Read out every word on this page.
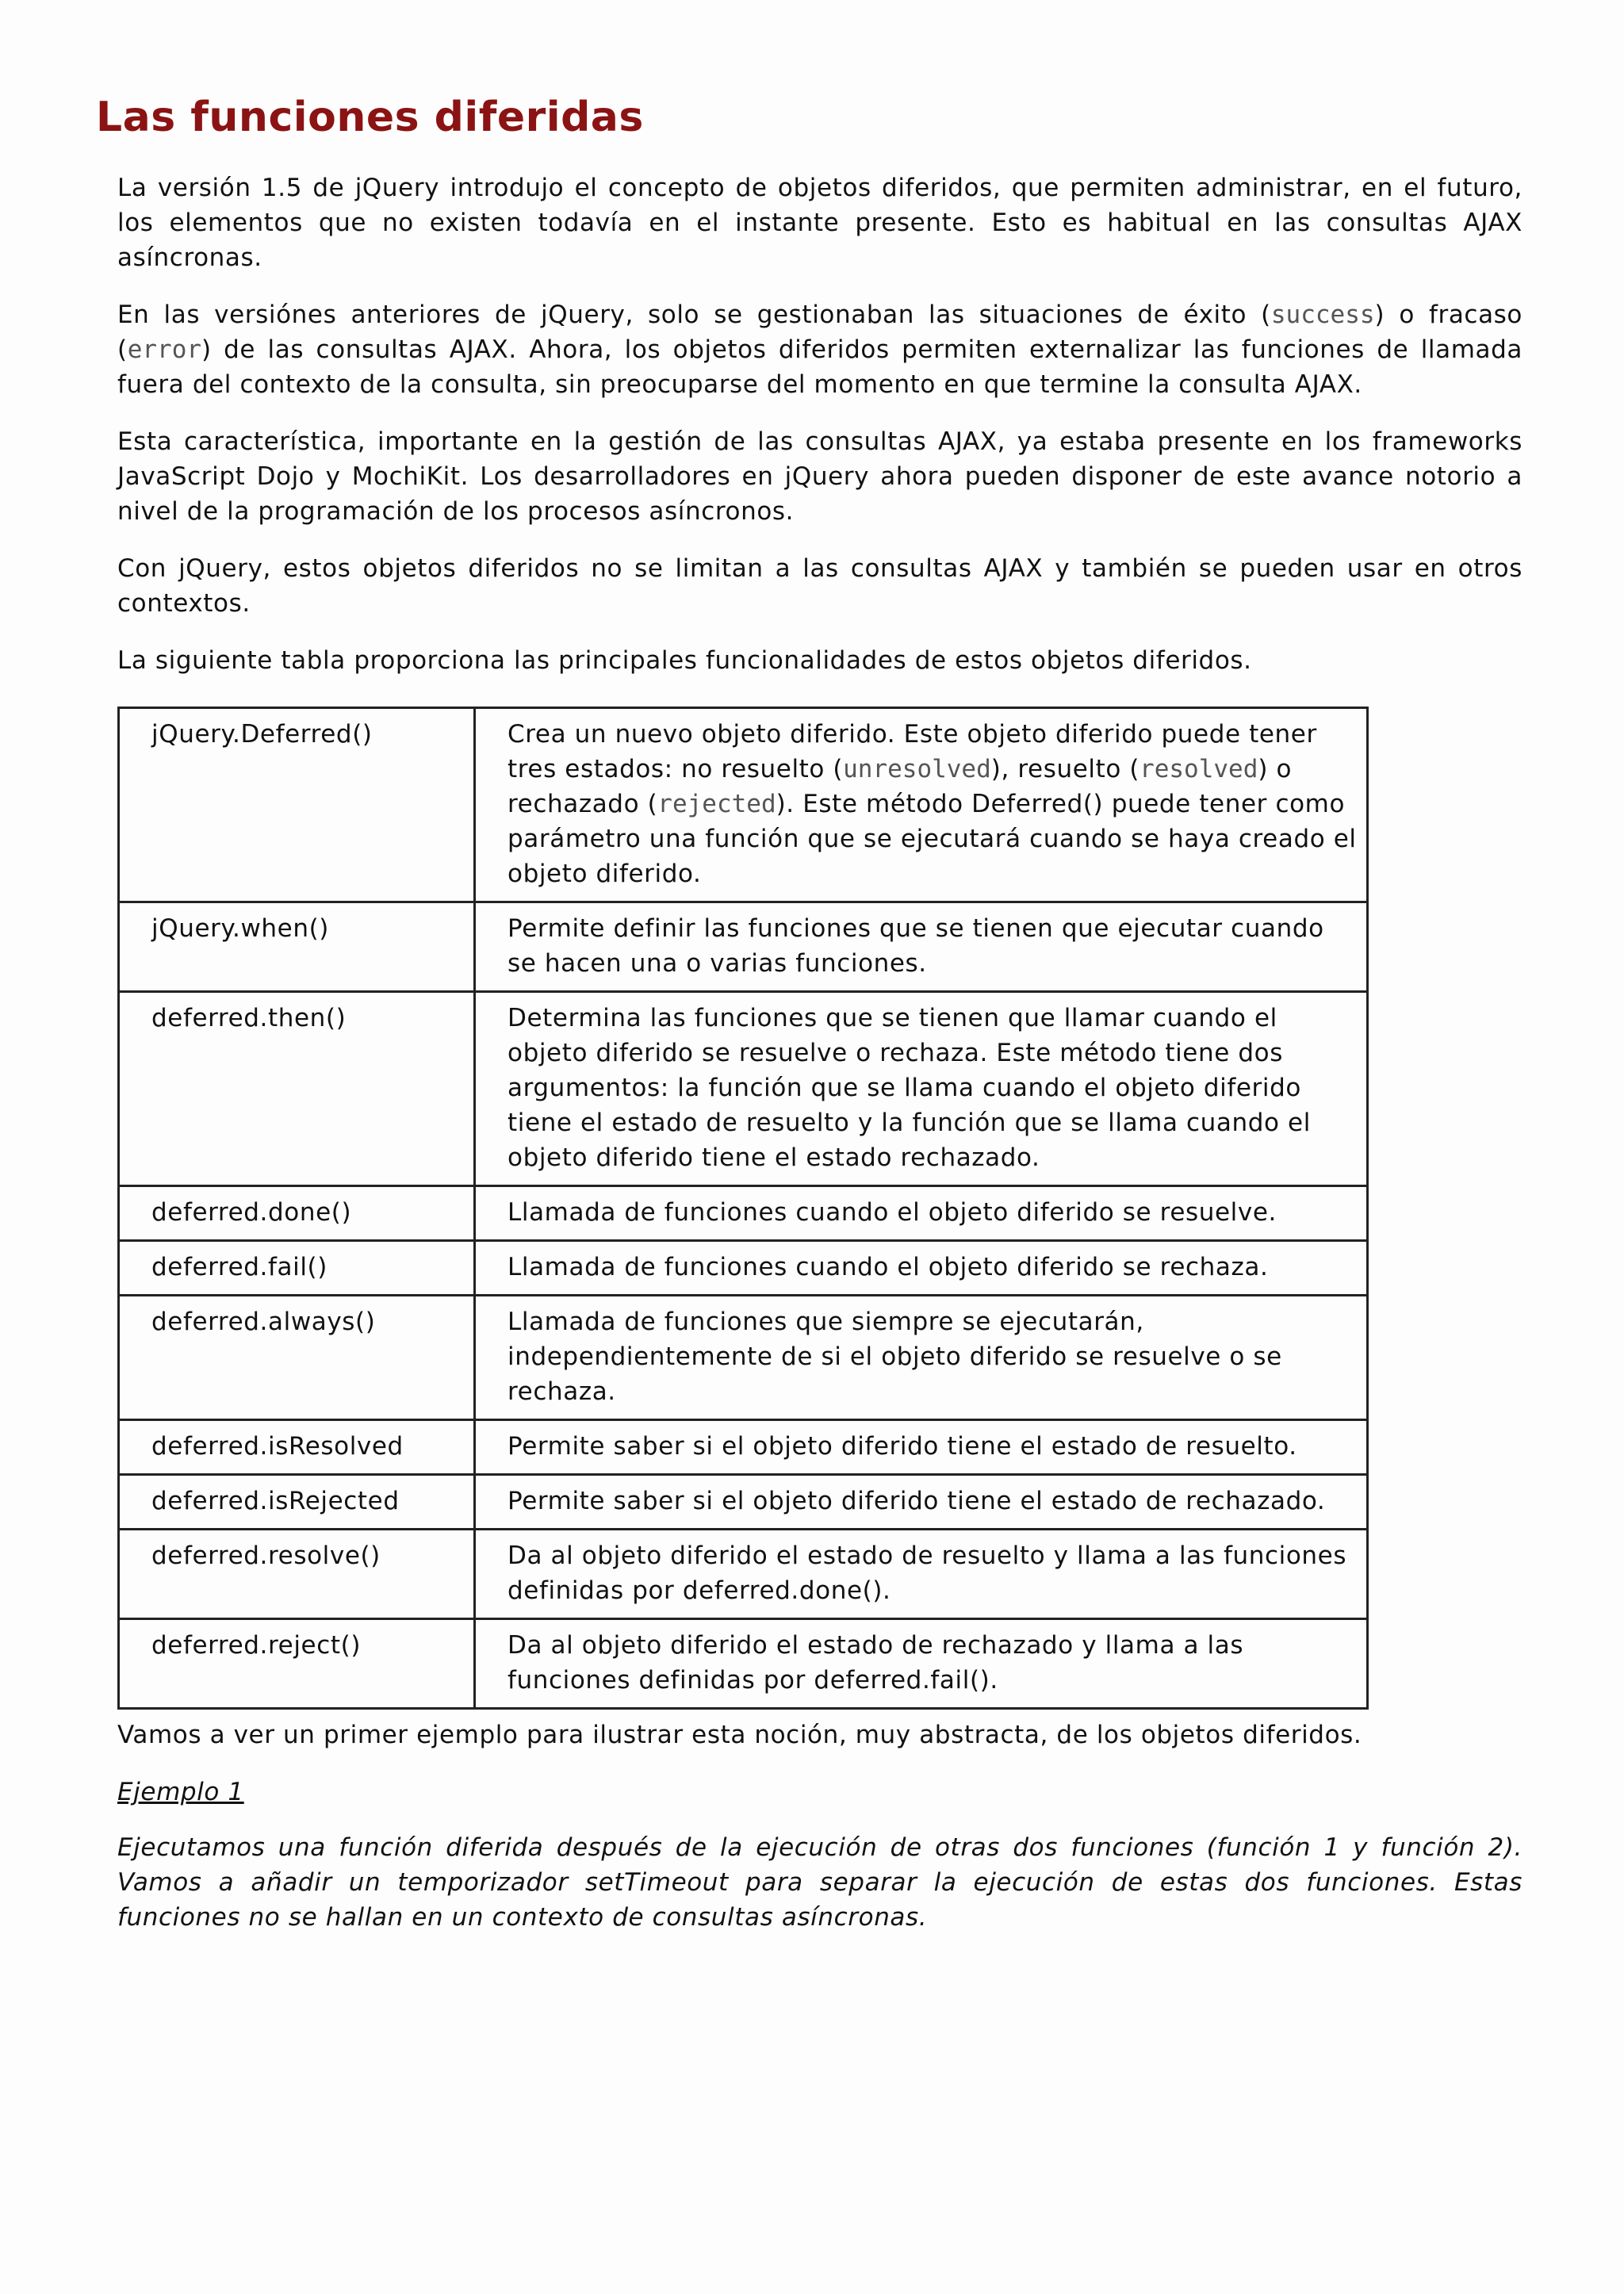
Las funciones diferidas

La versión 1.5 de jQuery introdujo el concepto de objetos diferidos, que permiten administrar, en el futuro, los elementos que no existen todavía en el instante presente. Esto es habitual en las consultas AJAX asíncronas.

En las versiónes anteriores de jQuery, solo se gestionaban las situaciones de éxito (success) o fracaso (error) de las consultas AJAX. Ahora, los objetos diferidos permiten externalizar las funciones de llamada fuera del contexto de la consulta, sin preocuparse del momento en que termine la consulta AJAX.

Esta característica, importante en la gestión de las consultas AJAX, ya estaba presente en los frameworks JavaScript Dojo y MochiKit. Los desarrolladores en jQuery ahora pueden disponer de este avance notorio a nivel de la programación de los procesos asíncronos.

Con jQuery, estos objetos diferidos no se limitan a las consultas AJAX y también se pueden usar en otros contextos.

La siguiente tabla proporciona las principales funcionalidades de estos objetos diferidos.

jQuery.Deferred()	Crea un nuevo objeto diferido. Este objeto diferido puede tener tres estados: no resuelto (unresolved), resuelto (resolved) o rechazado (rejected). Este método Deferred() puede tener como parámetro una función que se ejecutará cuando se haya creado el objeto diferido.
jQuery.when()	Permite definir las funciones que se tienen que ejecutar cuando se hacen una o varias funciones.
deferred.then()	Determina las funciones que se tienen que llamar cuando el objeto diferido se resuelve o rechaza. Este método tiene dos argumentos: la función que se llama cuando el objeto diferido tiene el estado de resuelto y la función que se llama cuando el objeto diferido tiene el estado rechazado.
deferred.done()	Llamada de funciones cuando el objeto diferido se resuelve.
deferred.fail()	Llamada de funciones cuando el objeto diferido se rechaza.
deferred.always()	Llamada de funciones que siempre se ejecutarán, independientemente de si el objeto diferido se resuelve o se rechaza.
deferred.isResolved	Permite saber si el objeto diferido tiene el estado de resuelto.
deferred.isRejected	Permite saber si el objeto diferido tiene el estado de rechazado.
deferred.resolve()	Da al objeto diferido el estado de resuelto y llama a las funciones definidas por deferred.done().
deferred.reject()	Da al objeto diferido el estado de rechazado y llama a las funciones definidas por deferred.fail().

Vamos a ver un primer ejemplo para ilustrar esta noción, muy abstracta, de los objetos diferidos.

Ejemplo 1

Ejecutamos una función diferida después de la ejecución de otras dos funciones (función 1 y función 2). Vamos a añadir un temporizador setTimeout para separar la ejecución de estas dos funciones. Estas funciones no se hallan en un contexto de consultas asíncronas.
